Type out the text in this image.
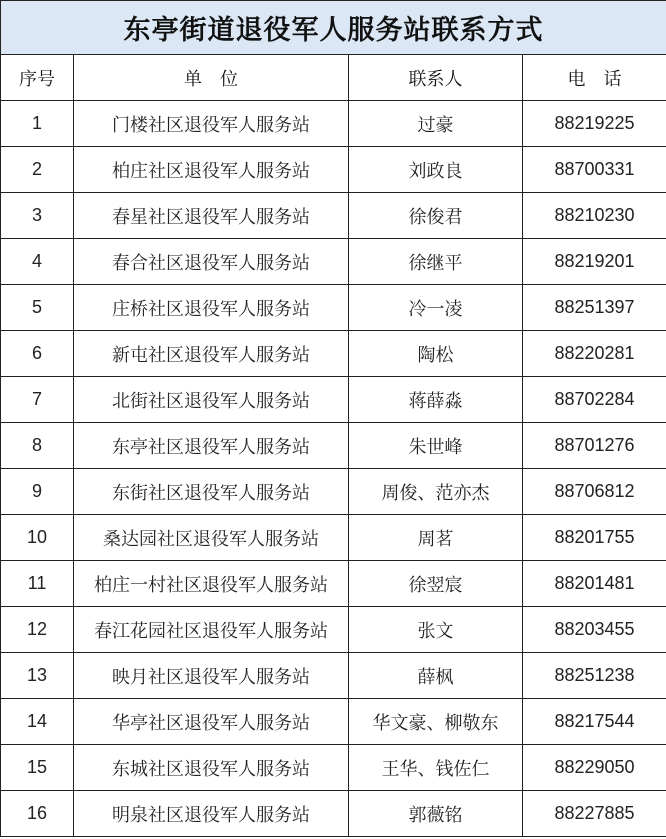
东亭街道退役军人服务站联系方式			
序号	单　位	联系人	电　话
1	门楼社区退役军人服务站	过豪	88219225
2	柏庄社区退役军人服务站	刘政良	88700331
3	春星社区退役军人服务站	徐俊君	88210230
4	春合社区退役军人服务站	徐继平	88219201
5	庄桥社区退役军人服务站	冷一凌	88251397
6	新屯社区退役军人服务站	陶松	88220281
7	北街社区退役军人服务站	蒋薛淼	88702284
8	东亭社区退役军人服务站	朱世峰	88701276
9	东街社区退役军人服务站	周俊、范亦杰	88706812
10	桑达园社区退役军人服务站	周茗	88201755
11	柏庄一村社区退役军人服务站	徐翌宸	88201481
12	春江花园社区退役军人服务站	张文	88203455
13	映月社区退役军人服务站	薛枫	88251238
14	华亭社区退役军人服务站	华文豪、柳敬东	88217544
15	东城社区退役军人服务站	王华、钱佐仁	88229050
16	明泉社区退役军人服务站	郭薇铭	88227885
